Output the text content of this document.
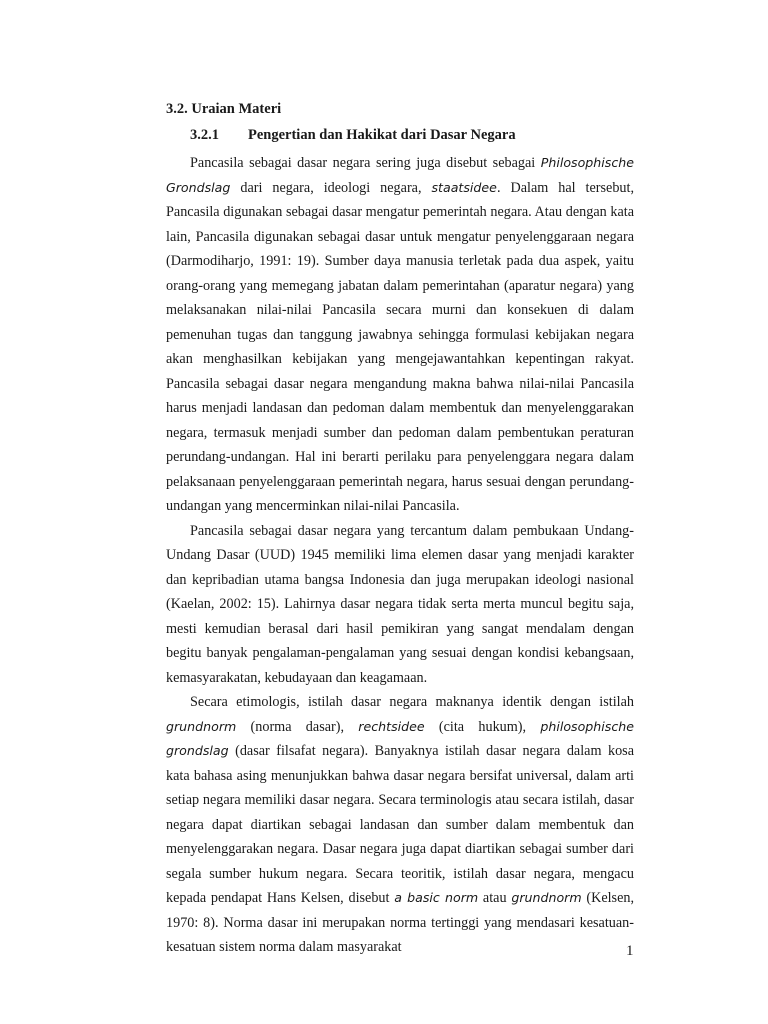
3.2. Uraian Materi
3.2.1 Pengertian dan Hakikat dari Dasar Negara

Pancasila sebagai dasar negara sering juga disebut sebagai Philosophische Grondslag dari negara, ideologi negara, staatsidee. Dalam hal tersebut, Pancasila digunakan sebagai dasar mengatur pemerintah negara. Atau dengan kata lain, Pancasila digunakan sebagai dasar untuk mengatur penyelenggaraan negara (Darmodiharjo, 1991: 19). Sumber daya manusia terletak pada dua aspek, yaitu orang-orang yang memegang jabatan dalam pemerintahan (aparatur negara) yang melaksanakan nilai-nilai Pancasila secara murni dan konsekuen di dalam pemenuhan tugas dan tanggung jawabnya sehingga formulasi kebijakan negara akan menghasilkan kebijakan yang mengejawantahkan kepentingan rakyat. Pancasila sebagai dasar negara mengandung makna bahwa nilai-nilai Pancasila harus menjadi landasan dan pedoman dalam membentuk dan menyelenggarakan negara, termasuk menjadi sumber dan pedoman dalam pembentukan peraturan perundang-undangan. Hal ini berarti perilaku para penyelenggara negara dalam pelaksanaan penyelenggaraan pemerintah negara, harus sesuai dengan perundang-undangan yang mencerminkan nilai-nilai Pancasila.

Pancasila sebagai dasar negara yang tercantum dalam pembukaan Undang-Undang Dasar (UUD) 1945 memiliki lima elemen dasar yang menjadi karakter dan kepribadian utama bangsa Indonesia dan juga merupakan ideologi nasional (Kaelan, 2002: 15). Lahirnya dasar negara tidak serta merta muncul begitu saja, mesti kemudian berasal dari hasil pemikiran yang sangat mendalam dengan begitu banyak pengalaman-pengalaman yang sesuai dengan kondisi kebangsaan, kemasyarakatan, kebudayaan dan keagamaan.

Secara etimologis, istilah dasar negara maknanya identik dengan istilah grundnorm (norma dasar), rechtsidee (cita hukum), philosophische grondslag (dasar filsafat negara). Banyaknya istilah dasar negara dalam kosa kata bahasa asing menunjukkan bahwa dasar negara bersifat universal, dalam arti setiap negara memiliki dasar negara. Secara terminologis atau secara istilah, dasar negara dapat diartikan sebagai landasan dan sumber dalam membentuk dan menyelenggarakan negara. Dasar negara juga dapat diartikan sebagai sumber dari segala sumber hukum negara. Secara teoritik, istilah dasar negara, mengacu kepada pendapat Hans Kelsen, disebut a basic norm atau grundnorm (Kelsen, 1970: 8). Norma dasar ini merupakan norma tertinggi yang mendasari kesatuan-kesatuan sistem norma dalam masyarakat	1
